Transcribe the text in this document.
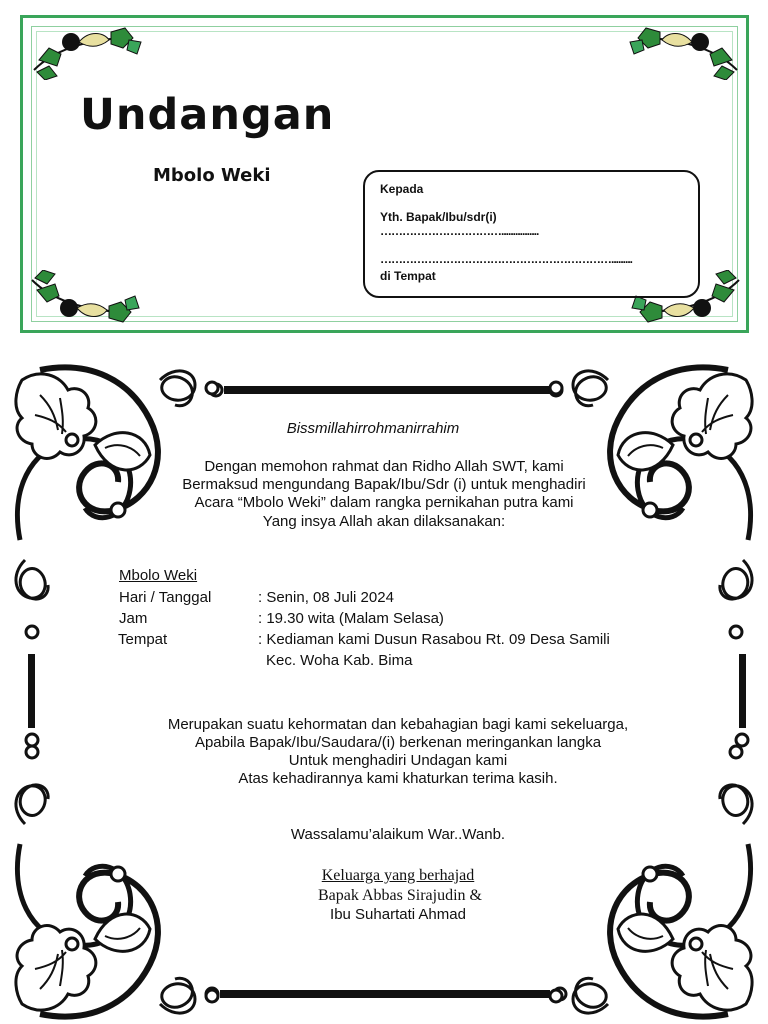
Undangan
Mbolo Weki
Kepada
Yth. Bapak/Ibu/sdr(i)
……………………………................
……………………………………………………….........
di Tempat
Bissmillahirrohmanirrahim
Dengan memohon rahmat dan Ridho Allah SWT, kami
Bermaksud mengundang Bapak/Ibu/Sdr (i) untuk menghadiri
Acara “Mbolo Weki” dalam rangka pernikahan putra kami
Yang insya Allah akan dilaksanakan:
Mbolo Weki
Hari / Tanggal	: Senin, 08 Juli 2024
Jam	: 19.30 wita (Malam Selasa)
Tempat	: Kediaman kami Dusun Rasabou Rt. 09 Desa Samili
Kec. Woha Kab. Bima
Merupakan suatu kehormatan dan kebahagian bagi kami sekeluarga,
Apabila Bapak/Ibu/Saudara/(i) berkenan meringankan langka
Untuk menghadiri Undagan kami
Atas kehadirannya kami khaturkan terima kasih.
Wassalamu’alaikum War..Wanb.
Keluarga yang berhajad
Bapak Abbas Sirajudin &
Ibu Suhartati Ahmad
